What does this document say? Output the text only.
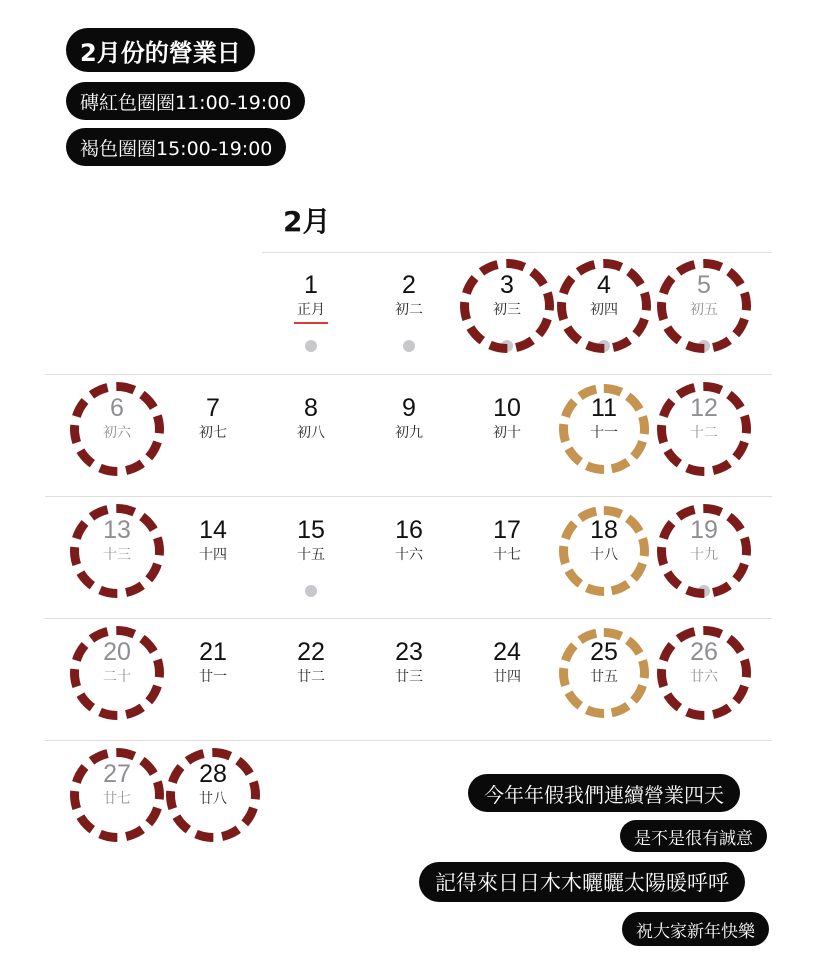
2月份的營業日
磚紅色圈圈11:00-19:00
褐色圈圈15:00-19:00
2月
1
正月
2
初二
3
初三
4
初四
5
初五
6
初六
7
初七
8
初八
9
初九
10
初十
11
十一
12
十二
13
十三
14
十四
15
十五
16
十六
17
十七
18
十八
19
十九
20
二十
21
廿一
22
廿二
23
廿三
24
廿四
25
廿五
26
廿六
27
廿七
28
廿八	今年年假我們連續營業四天
是不是很有誠意
記得來日日木木曬曬太陽暖呼呼
祝大家新年快樂
